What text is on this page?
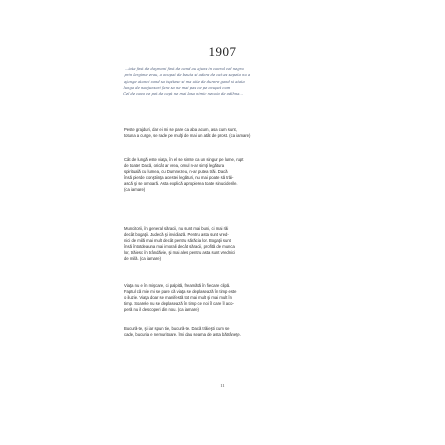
1907
...iata fost de daymani fost de cand au ajuns in cearul cel negru
prin largime erau, a ocupat de beuta si adora de cat-as sapeta nu a
ajunge atunci cand sa ispitesc si ma uite de durere gand si atata
lunga de neajunsuri fara sa ne mai pas ce pe ocupat cum
Cel de ceea ce pot de capt ne mai lasa nimic nevoia de odihna...
Peste grajduri, dar ei mi se pare ca aba acum, asa cum sunt,
totuna a curge, se rade pe mulţi de mai un atât de prost. (ca iamare)
Cât de lungă este viaţa, în el se simte ca un singur pe lume, rupt
de toate! Dacă, oricât ar vrea, omul n-ar simţi legătura
spirituală cu lumea, cu Dumnezeu, n-ar putea trăi. Dacă
însă pierde conştiinţa acestei legături, nu mai poate să trăi-
ască şi se omoară. Asta explică apropierea toate sinuciderile.
(ca iamare)
Muncitorii, în general săracii, nu sunt mai buni, ci mai răi
decât bogaţii. Judecă şi invidiază. Pentru asta sunt vred-
nici de milă mai mult decât pentru sărăcia lor. Bogaţii sunt
însă întotdeauna mai imorali decât săracii, profită de munca
lor, trăiesc în trândăvie, şi mai ales pentru asta sunt vrednici
de milă. (ca iamare)
Viaţa nu e în mişcare, ci palpită, freamătă în fiecare clipă.
Faptul că mie mi se pare că viaţa se deplasează în timp este
o iluzie. Viaţa doar se manifestă tot mai mult şi mai mult în
timp. Soarele nu se deplasează în timp ce noi îl care îl aco-
peră nu il descoperi din nou. (ca iamare)
Bucură-te, şi iar spun tie, bucură-te. Dacă trăieşti cum se
cade, bucuria e nemuritoare. Îmi dau seama de asta bătrâneţe.
11
